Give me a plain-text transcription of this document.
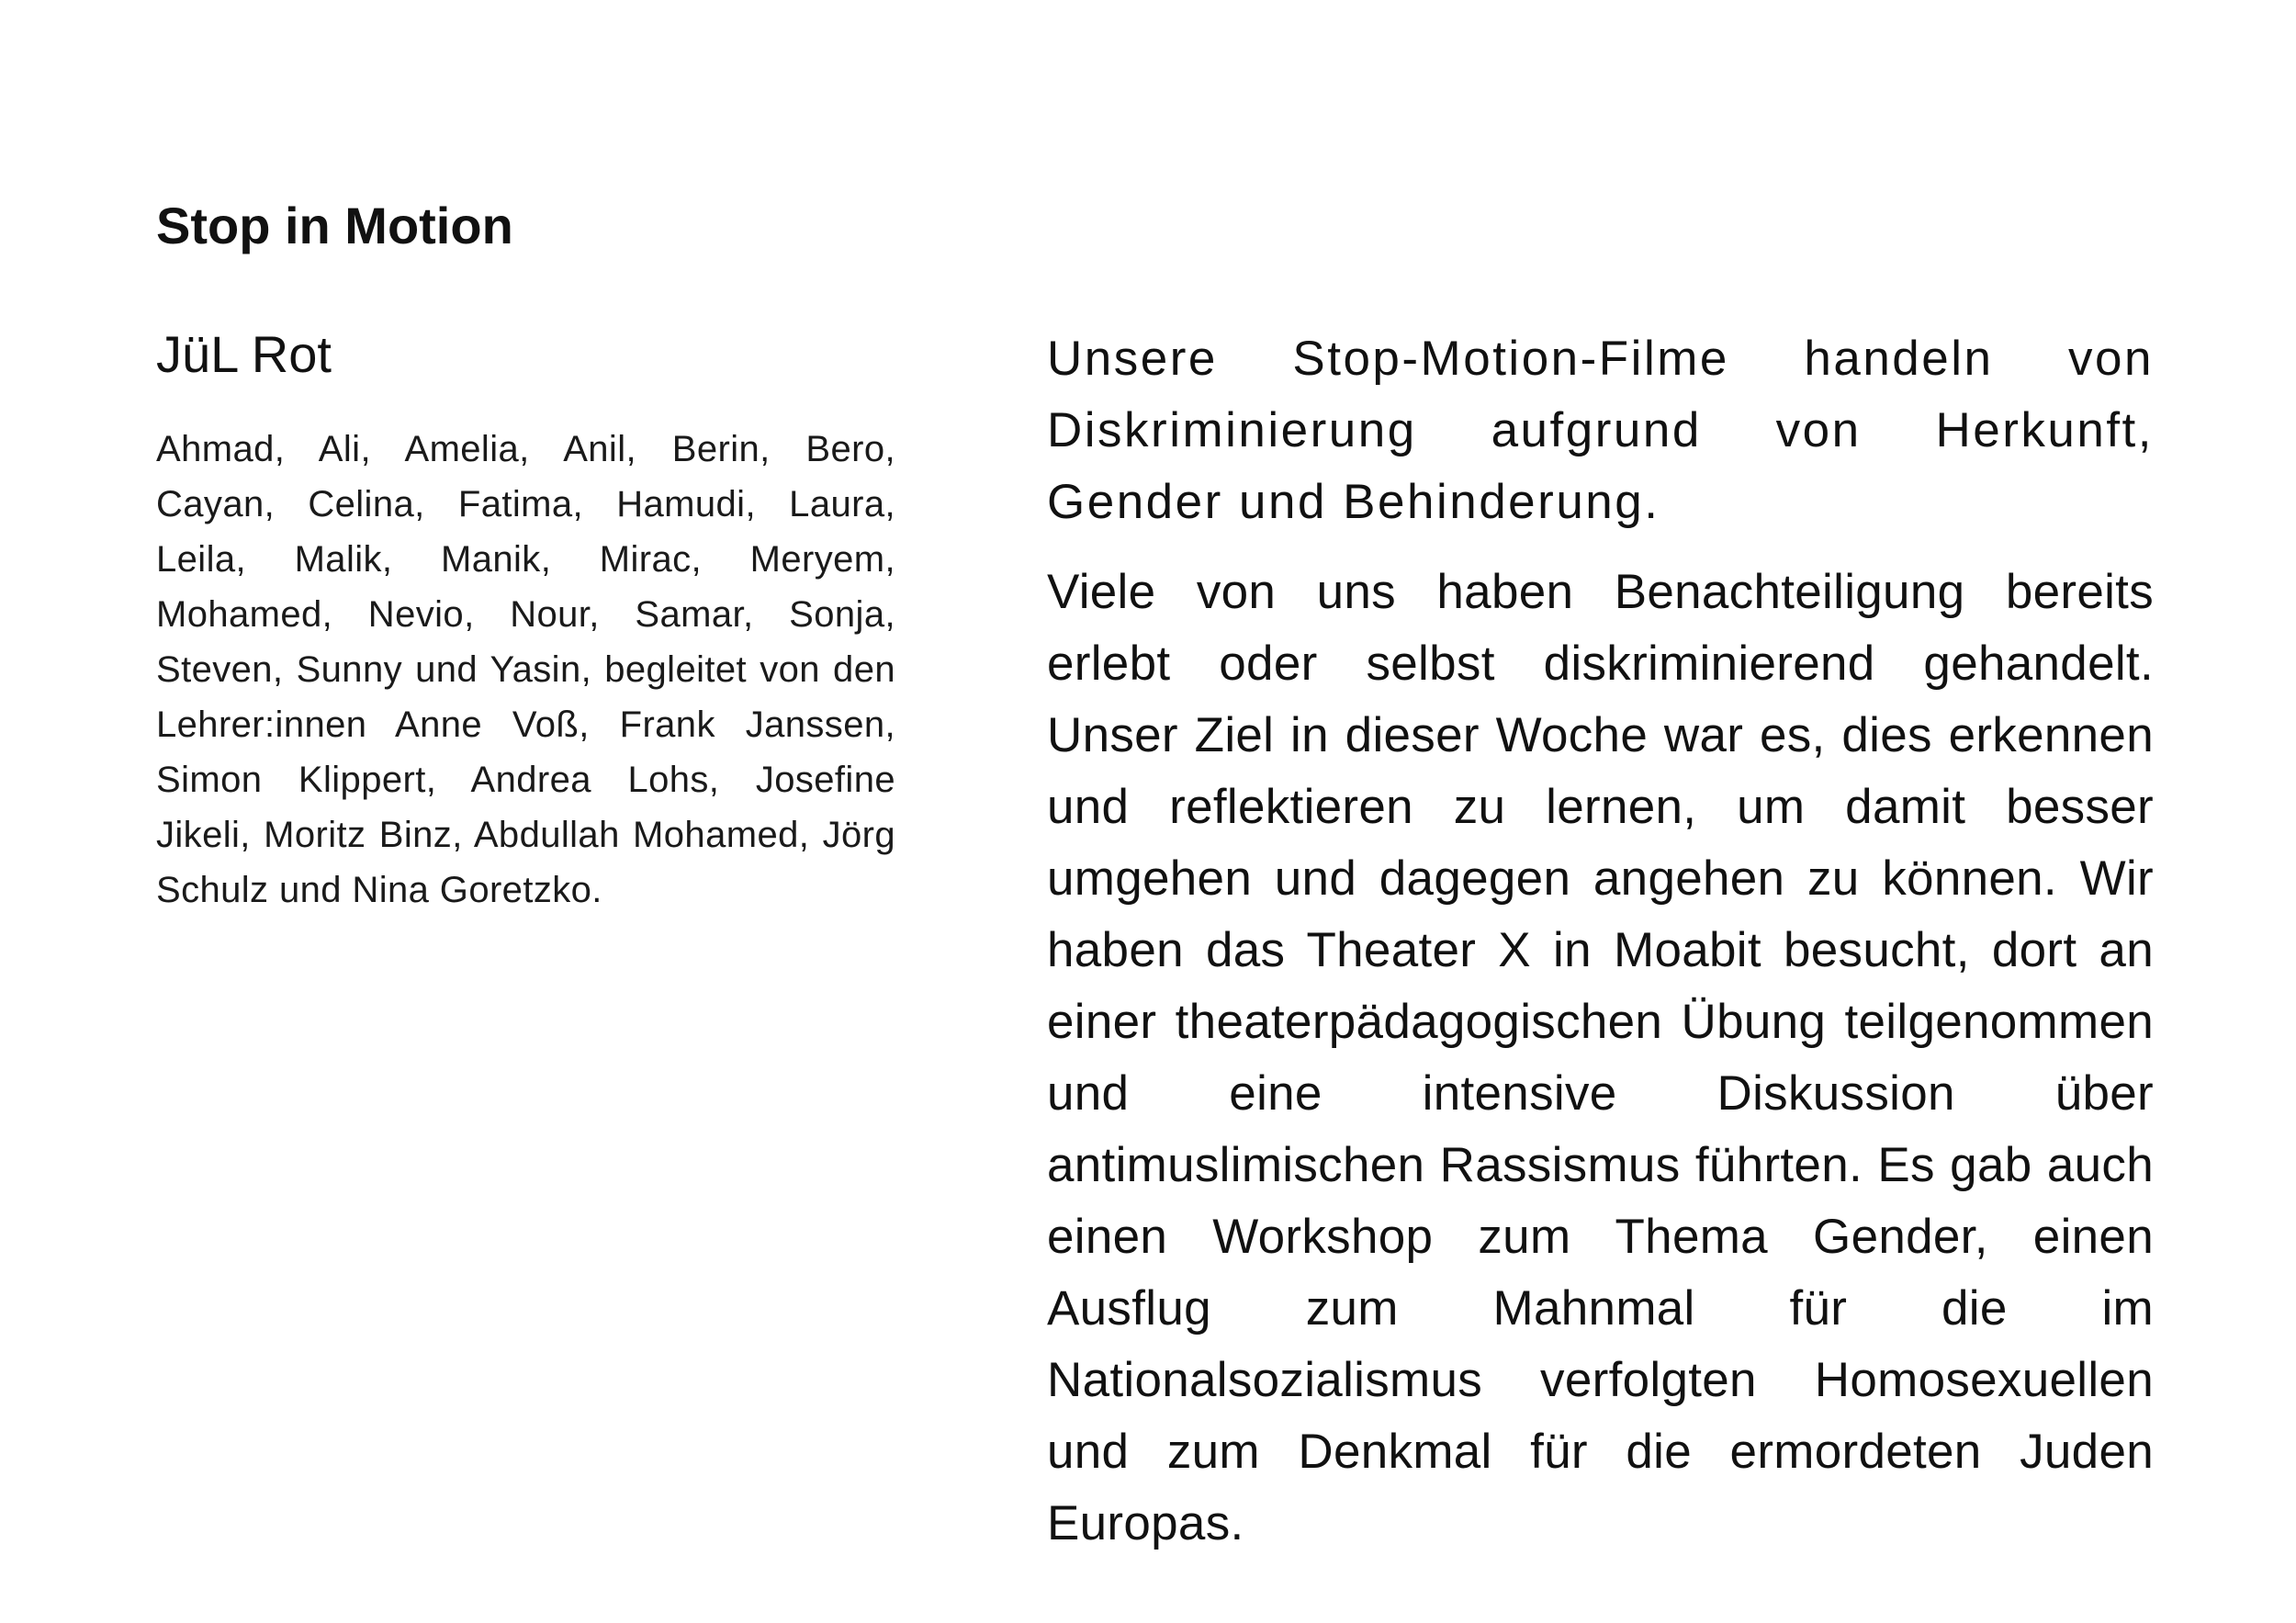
Stop in Motion
JüL Rot

Ahmad, Ali, Amelia, Anil, Berin, Bero, Cayan, Celina, Fatima, Hamudi, Laura, Leila, Malik, Manik, Mirac, Meryem, Mohamed, Nevio, Nour, Samar, Sonja, Steven, Sunny und Yasin, begleitet von den Lehrer:innen Anne Voß, Frank Janssen, Simon Klippert, Andrea Lohs, Josefine Jikeli, Moritz Binz, Abdullah Mohamed, Jörg Schulz und Nina Goretzko.

Unsere Stop-Motion-Filme handeln von Diskriminierung aufgrund von Herkunft, Gender und Behinderung.

Viele von uns haben Benachteiligung bereits erlebt oder selbst diskriminierend gehandelt. Unser Ziel in dieser Woche war es, dies erkennen und reflektieren zu lernen, um damit besser umgehen und dagegen angehen zu können. Wir haben das Theater X in Moabit besucht, dort an einer theaterpädagogischen Übung teilgenommen und eine intensive Diskussion über antimuslimischen Rassismus führten. Es gab auch einen Workshop zum Thema Gender, einen Ausflug zum Mahnmal für die im Nationalsozialismus verfolgten Homosexuellen und zum Denkmal für die ermordeten Juden Europas.
